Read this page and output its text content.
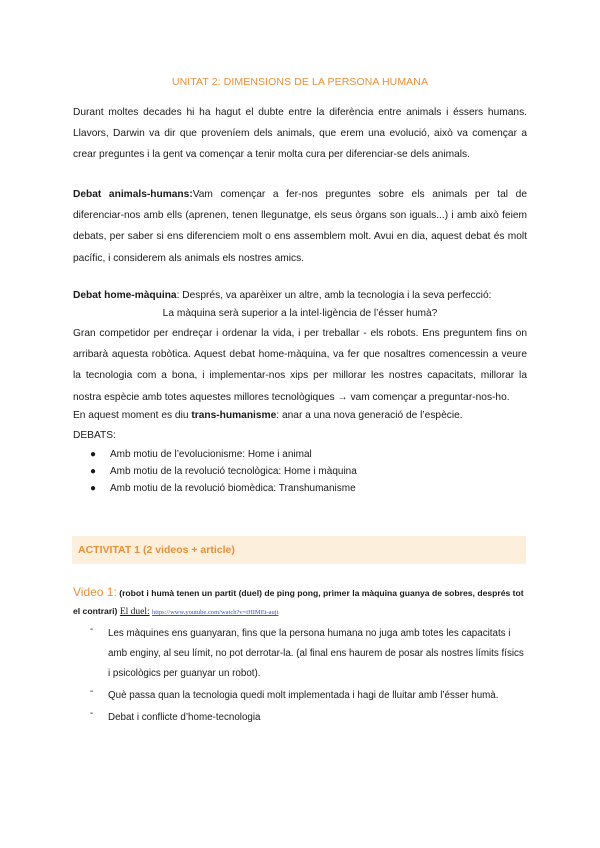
UNITAT 2: DIMENSIONS DE LA PERSONA HUMANA
Durant moltes decades hi ha hagut el dubte entre la diferència entre animals i éssers humans. Llavors, Darwin va dir que proveníem dels animals, que erem una evolució, això va començar a crear preguntes i la gent va començar a tenir molta cura per diferenciar-se dels animals.
Debat animals-humans:Vam començar a fer-nos preguntes sobre els animals per tal de diferenciar-nos amb ells (aprenen, tenen llegunatge, els seus òrgans son iguals...) i amb això feiem debats, per saber si ens diferenciem molt o ens assemblem molt. Avui en dia, aquest debat és molt pacífic, i considerem als animals els nostres amics.
Debat home-màquina: Després, va aparèixer un altre, amb la tecnologia i la seva perfecció:
La màquina serà superior a la intel·ligència de l’ésser humà?
Gran competidor per endreçar i ordenar la vida, i per treballar - els robots. Ens preguntem fins on arribarà aquesta robòtica. Aquest debat home-màquina, va fer que nosaltres comencessin a veure la tecnologia com a bona, i implementar-nos xips per millorar les nostres capacitats, millorar la nostra espècie amb totes aquestes millores tecnològiques → vam començar a preguntar-nos-ho.
En aquest moment es diu trans-humanisme: anar a una nova generació de l’espècie.
DEBATS:
● Amb motiu de l’evolucionisme: Home i animal
● Amb motiu de la revolució tecnològica: Home i màquina
● Amb motiu de la revolució biomèdica: Transhumanisme
ACTIVITAT 1 (2 videos + article)
Video 1: (robot i humà tenen un partit (duel) de ping pong, primer la màquina guanya de sobres, després tot
el contrari) El duel: https://www.youtube.com/watch?v=tHIMEt-aujt
- Les màquines ens guanyaran, fins que la persona humana no juga amb totes les capacitats i amb enginy, al seu límit, no pot derrotar-la. (al final ens haurem de posar als nostres límits físics i psicològics per guanyar un robot).
- Què passa quan la tecnologia quedi molt implementada i hagi de lluitar amb l’ésser humà.
- Debat i conflicte d’home-tecnologia
